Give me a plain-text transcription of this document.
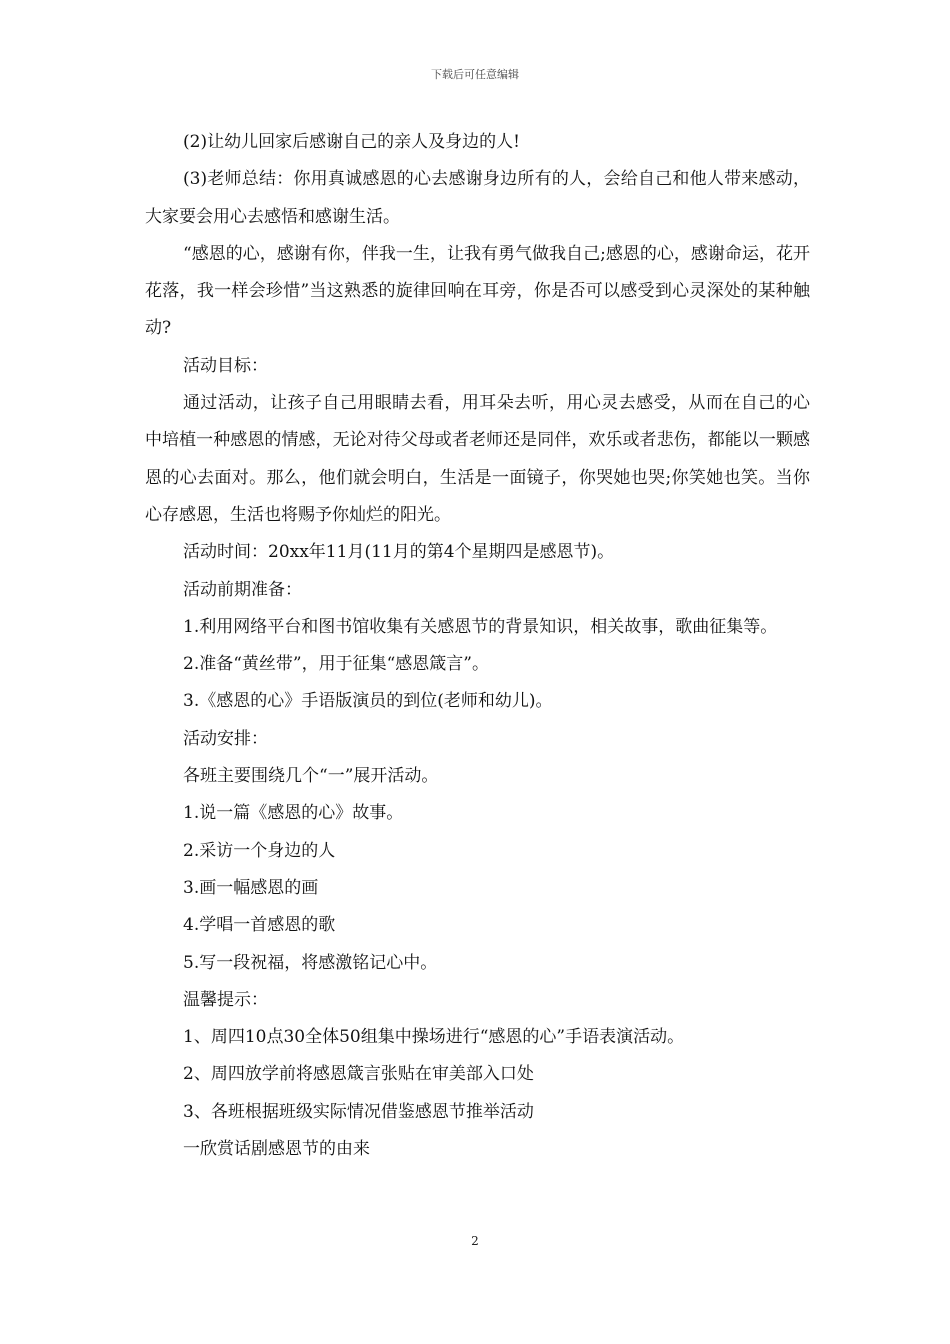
下载后可任意编辑

(2)让幼儿回家后感谢自己的亲人及身边的人!

(3)老师总结：你用真诚感恩的心去感谢身边所有的人，会给自己和他人带来感动，大家要会用心去感悟和感谢生活。

“感恩的心，感谢有你，伴我一生，让我有勇气做我自己;感恩的心，感谢命运，花开花落，我一样会珍惜”当这熟悉的旋律回响在耳旁，你是否可以感受到心灵深处的某种触动?

活动目标：

通过活动，让孩子自己用眼睛去看，用耳朵去听，用心灵去感受，从而在自己的心中培植一种感恩的情感，无论对待父母或者老师还是同伴，欢乐或者悲伤，都能以一颗感恩的心去面对。那么，他们就会明白，生活是一面镜子，你哭她也哭;你笑她也笑。当你心存感恩，生活也将赐予你灿烂的阳光。

活动时间：20xx年11月(11月的第4个星期四是感恩节)。

活动前期准备：

1.利用网络平台和图书馆收集有关感恩节的背景知识，相关故事，歌曲征集等。

2.准备“黄丝带”，用于征集“感恩箴言”。

3.《感恩的心》手语版演员的到位(老师和幼儿)。

活动安排：

各班主要围绕几个“一”展开活动。

1.说一篇《感恩的心》故事。

2.采访一个身边的人

3.画一幅感恩的画

4.学唱一首感恩的歌

5.写一段祝福，将感激铭记心中。

温馨提示：

1、周四10点30全体50组集中操场进行“感恩的心”手语表演活动。

2、周四放学前将感恩箴言张贴在审美部入口处

3、各班根据班级实际情况借鉴感恩节推举活动

一欣赏话剧感恩节的由来

2
